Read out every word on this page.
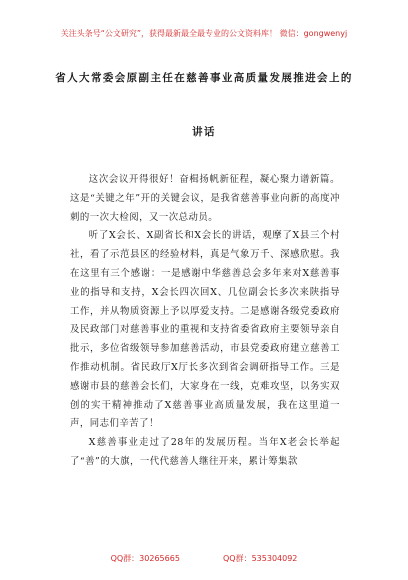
关注头条号“公文研究”，获得最新最全最专业的公文资料库！ 微信：gongwenyj
省人大常委会原副主任在慈善事业高质量发展推进会上的
讲话

这次会议开得很好！奋楫扬帆新征程，凝心聚力谱新篇。这是“关键之年”开的关键会议，是我省慈善事业向新的高度冲刺的一次大检阅，又一次总动员。

听了X会长、X副省长和X会长的讲话，观摩了X县三个村社，看了示范县区的经验材料，真是气象万千、深感欣慰。我在这里有三个感谢：一是感谢中华慈善总会多年来对X慈善事业的指导和支持，X会长四次回X、几位副会长多次来陕指导工作，并从物质资源上予以厚爱支持。二是感谢各级党委政府及民政部门对慈善事业的重视和支持省委省政府主要领导亲自批示，多位省级领导参加慈善活动，市县党委政府建立慈善工作推动机制。省民政厅X厅长多次到省会调研指导工作。三是感谢市县的慈善会长们，大家身在一线，克难攻坚，以务实双创的实干精神推动了X慈善事业高质量发展，我在这里道一声，同志们辛苦了！

X慈善事业走过了28年的发展历程。当年X老会长举起了“善”的大旗，一代代慈善人继往开来，累计筹集款

QQ群：30265665	QQ群：535304092
